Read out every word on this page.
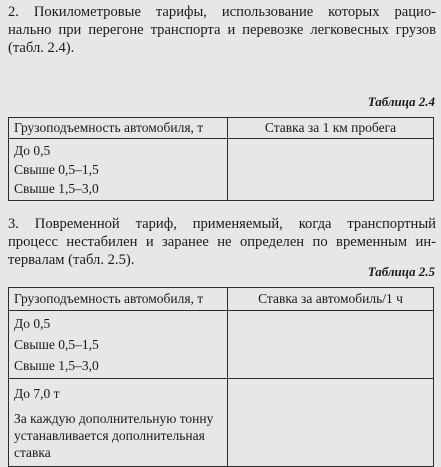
2. Покилометровые тарифы, использование которых рацио-
нально при перегоне транспорта и перевозке легковесных грузов
(табл. 2.4).
Таблица 2.4
Грузоподъемность автомобиля, т	Ставка за 1 км пробега

До 0,5
Свыше 0,5–1,5
Свыше 1,5–3,0	

3. Повременной тариф, применяемый, когда транспортный
процесс нестабилен и заранее не определен по временным ин-
тервалам (табл. 2.5).
Таблица 2.5
Грузоподъемность автомобиля, т	Ставка за автомобиль/1 ч

До 0,5
Свыше 0,5–1,5
Свыше 1,5–3,0	

До 7,0 т
За каждую дополнительную тонну
устанавливается дополнительная
ставка	
